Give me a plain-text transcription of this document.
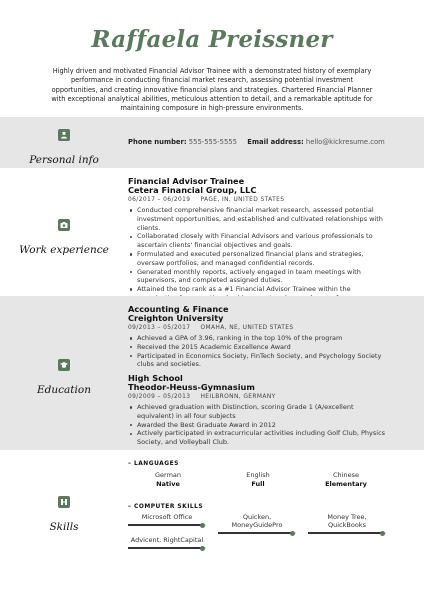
Raffaela Preissner
Highly driven and motivated Financial Advisor Trainee with a demonstrated history of exemplary performance in conducting financial market research, assessing potential investment opportunities, and creating innovative financial plans and strategies. Chartered Financial Planner with exceptional analytical abilities, meticulous attention to detail, and a remarkable aptitude for maintaining composure in high-pressure environments.
Personal info
Phone number: 555-555-5555 Email address: hello@kickresume.com
Work experience
Financial Advisor Trainee
Cetera Financial Group, LLC
06/2017 – 06/2019 PAGE, IN, UNITED STATES
Conducted comprehensive financial market research, assessed potential investment opportunities, and established and cultivated relationships with clients.
Collaborated closely with Financial Advisors and various professionals to ascertain clients' financial objectives and goals.
Formulated and executed personalized financial plans and strategies, oversaw portfolios, and managed confidential records.
Generated monthly reports, actively engaged in team meetings with supervisors, and completed assigned duties.
Attained the top rank as a #1 Financial Advisor Trainee within the
Education
Accounting & Finance
Creighton University
09/2013 – 05/2017 OMAHA, NE, UNITED STATES
Achieved a GPA of 3.96, ranking in the top 10% of the program
Received the 2015 Academic Excellence Award
Participated in Economics Society, FinTech Society, and Psychology Society clubs and societies.
High School
Theodor-Heuss-Gymnasium
09/2009 – 05/2013 HEILBRONN, GERMANY
Achieved graduation with Distinction, scoring Grade 1 (A/excellent equivalent) in all four subjects
Awarded the Best Graduate Award in 2012
Actively participated in extracurricular activities including Golf Club, Physics Society, and Volleyball Club.
Skills
– LANGUAGES
German
Native
English
Full
Chinese
Elementary
– COMPUTER SKILLS
Microsoft Office	Quicken, MoneyGuidePro
Money Tree, QuickBooks
Advicent, RightCapital
